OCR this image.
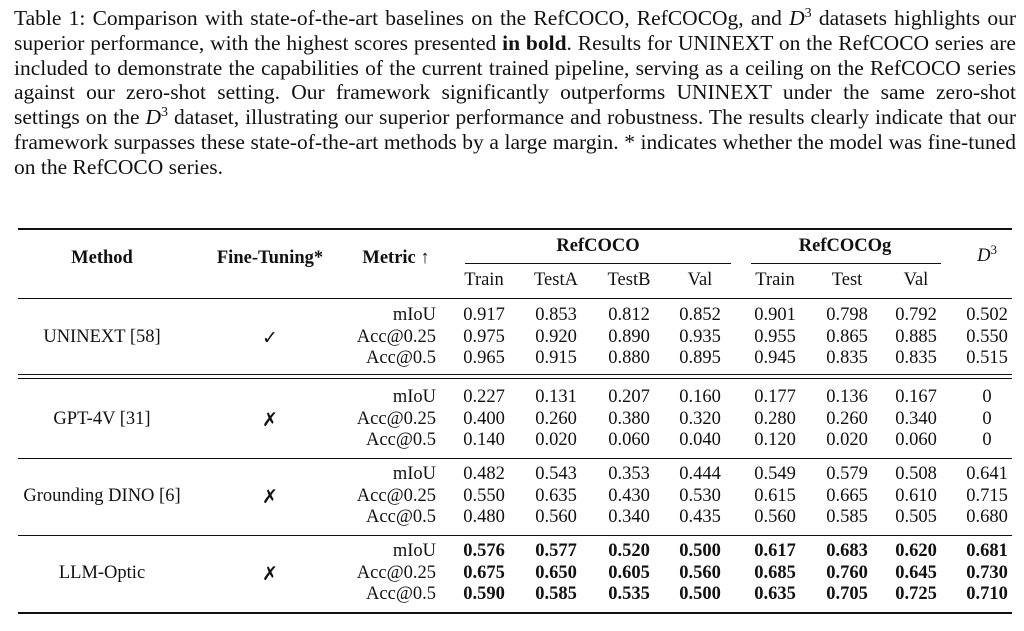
Table 1: Comparison with state-of-the-art baselines on the RefCOCO, RefCOCOg, and $D^3$ datasets highlights our superior performance, with the highest scores presented in bold. Results for UNINEXT on the RefCOCO series are included to demonstrate the capabilities of the current trained pipeline, serving as a ceiling on the RefCOCO series against our zero-shot setting. Our framework significantly outperforms UNINEXT under the same zero-shot settings on the $D^3$ dataset, illustrating our superior performance and robustness. The results clearly indicate that our framework surpasses these state-of-the-art methods by a large margin. * indicates whether the model was fine-tuned on the RefCOCO series.
Method	Fine-Tuning* Metric ↑
RefCOCO	RefCOCOg	$D^3$
Train TestA TestB Val Train Test Val
UNINEXT [58]	✓
mIoU 0.917 0.853 0.812 0.852 0.901 0.798 0.792 0.502
Acc@0.25 0.975 0.920 0.890 0.935 0.955 0.865 0.885 0.550
Acc@0.5 0.965 0.915 0.880 0.895 0.945 0.835 0.835 0.515
GPT-4V [31]	✗
mIoU 0.227 0.131 0.207 0.160 0.177 0.136 0.167 0
Acc@0.25 0.400 0.260 0.380 0.320 0.280 0.260 0.340 0
Acc@0.5 0.140 0.020 0.060 0.040 0.120 0.020 0.060 0
Grounding DINO [6]	✗
mIoU 0.482 0.543 0.353 0.444 0.549 0.579 0.508 0.641
Acc@0.25 0.550 0.635 0.430 0.530 0.615 0.665 0.610 0.715
Acc@0.5 0.480 0.560 0.340 0.435 0.560 0.585 0.505 0.680
LLM-Optic	✗
mIoU 0.576 0.577 0.520 0.500 0.617 0.683 0.620 0.681
Acc@0.25 0.675 0.650 0.605 0.560 0.685 0.760 0.645 0.730
Acc@0.5 0.590 0.585 0.535 0.500 0.635 0.705 0.725 0.710
